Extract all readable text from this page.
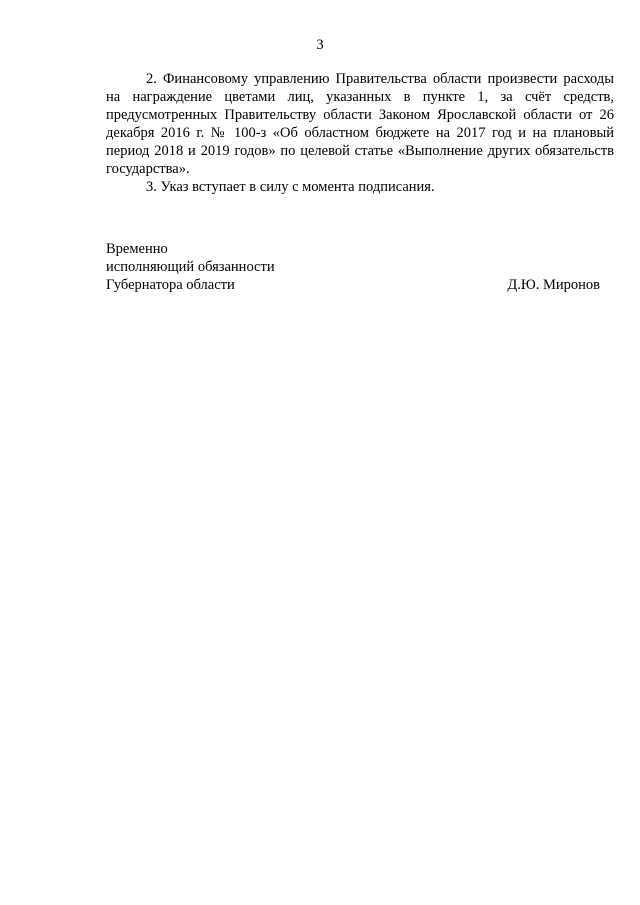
3

2. Финансовому управлению Правительства области произвести расходы на награждение цветами лиц, указанных в пункте 1, за счёт средств, предусмотренных Правительству области Законом Ярославской области от 26 декабря 2016 г. № 100-з «Об областном бюджете на 2017 год и на плановый период 2018 и 2019 годов» по целевой статье «Выполнение других обязательств государства».

3. Указ вступает в силу с момента подписания.

Временно
исполняющий обязанности
Губернатора области	Д.Ю. Миронов
